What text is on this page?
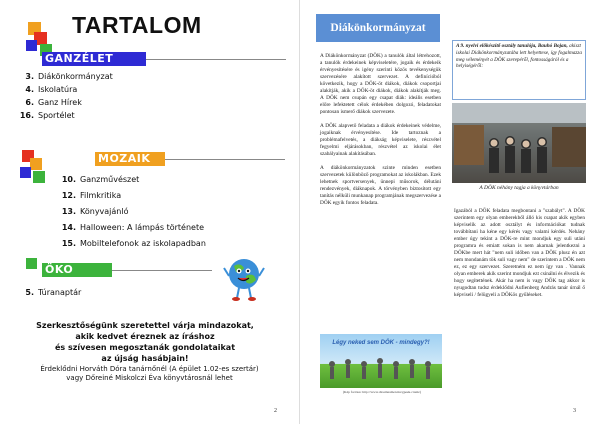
TARTALOM
GANZÉLET
3. Diákönkormányzat
4. Iskolatúra
6. Ganz Hírek
16. Sportélet
MOZAIK
10. Ganzművészet
12. Filmkritika
13. Könyvajánló
14. Halloween: A lámpás története
15. Mobiltelefonok az iskolapadban
ÖKO
5. Túranaptár
Szerkesztőségünk szeretettel várja mindazokat,
akik kedvet éreznek az íráshoz
és szívesen megosztanák gondolataikat
az újság hasábjain!
Érdeklődni Horváth Dóra tanárnőnél (A épület 1.02-es szertár)
vagy Dőreiné Miskolczi Éva könyvtárosnál lehet
2
Diákönkormányzat

A Diákönkormányzat (DÖK) a tanulók által létrehozott, a tanulók érdekeinek képviseletére, jogaik és érdekeik érvényesítésére és igény szerinti közös tevékenységük szervezésére alakított szervezet. A definícióból következik, hogy a DÖK-öt diákok, diákok csoportjai alakítják, akik a DÖK-öt diákok, diákok alakítják meg. A DÖK nem csupán egy csapat diák: ideális esetben előre lefektetett célok érdekében dolgozó, feladatokat pontosan ismerő diákok szervezete.

A DÖK alapvető feladata a diákok érdekeinek védelme, jogaiknak érvényesítése. Ide tartoznak a problémafelvetés, a diákság képviselete, részvétel fegyelmi eljárásokban, részvétel az iskolai élet szabályainak alakításában.

A diákönkormányzatok szinte minden esetben szervezetek különböző programokat az iskolákban. Ezek lehetnek sportversenyek, ünnepi műsorok, délutáni rendezvények, diáknapok. A törvényben biztosított egy tanítás nélküli munkanap programjának megszervezése a DÖK egyik fontos feladata.

Légy neked sem DÖK - mindegy?!
(Kép forrása: http://www.dioamesmen.hu/gpeek.crank/)
A 9. nyelvi előkészítő osztály tanulója, Bauhó Bojan, akiszt iskolai Diákönkormányzatába lett helyettese, így fogalmazza meg véleményét a DÖK szerepéről, fontosságáról és a helyiségéről:
A DÖK néhány tagja a könyvtárban
Igazából a DÖK feladata megbontani a "szabályt". A DÖK szerintem egy olyan emberekből álló kis csapat akik egyben képviselik az adott osztályt és információkat tudnak továbbítani ha kéne egy kérés vagy valami kérdés. Nehány ember úgy tekint a DÖK-re mint mondjuk egy suli utáni programra és emiatt sokan is nem akarnak jelentkezni a DÖKbe mert hát "nem suli időben van a DÖK plusz én azt nem mondanám tök suli vagy nem" de szerintem a DÖK nem ez, ez egy szervezet. Szeretném ez nem így van . Vannak olyan emberek akik szerint mondjuk ezt csinálni és élvezik és hogy segítettének. Akár ha nem is vagy DÖK tag akkor is nyugodtan tudsz érdeklődni Aufienberg András tanár úrnál ő képviseli / felügyeli a DÖKös gyűléseket.
3
